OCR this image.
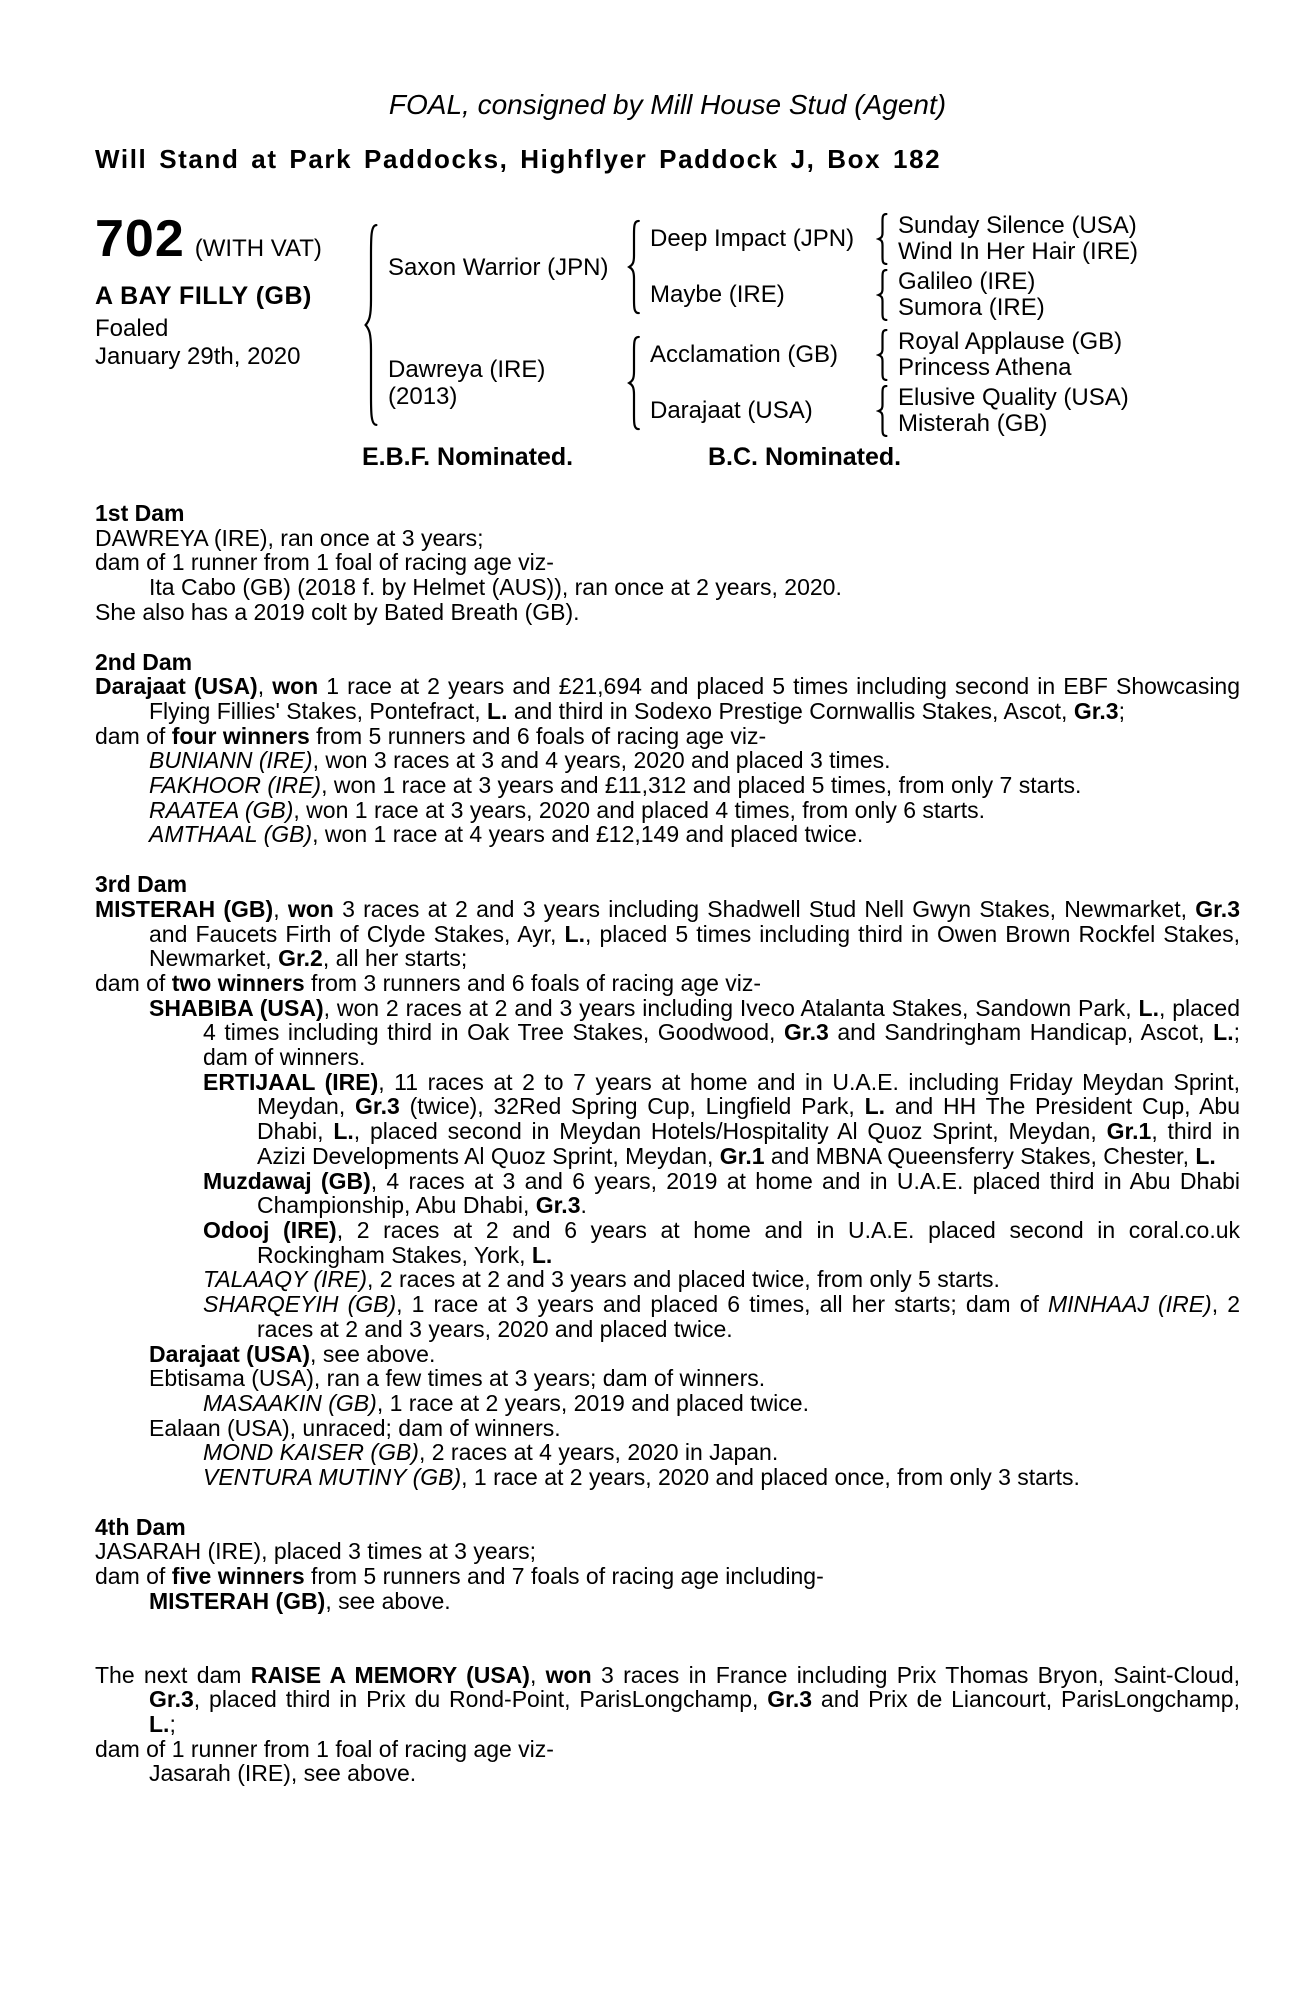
FOAL, consigned by Mill House Stud (Agent)
Will Stand at Park Paddocks, Highflyer Paddock J, Box 182
702 (WITH VAT)
A BAY FILLY (GB)
Foaled
January 29th, 2020
Saxon Warrior (JPN)
Deep Impact (JPN)	Sunday Silence (USA)
Wind In Her Hair (IRE)
Maybe (IRE)	Galileo (IRE)
Sumora (IRE)
Dawreya (IRE)
(2013)
Acclamation (GB)	Royal Applause (GB)
Princess Athena
Darajaat (USA)	Elusive Quality (USA)
Misterah (GB)
E.B.F. Nominated.	B.C. Nominated.
1st Dam
DAWREYA (IRE), ran once at 3 years;
dam of 1 runner from 1 foal of racing age viz-
Ita Cabo (GB) (2018 f. by Helmet (AUS)), ran once at 2 years, 2020.
She also has a 2019 colt by Bated Breath (GB).
2nd Dam
Darajaat (USA), won 1 race at 2 years and £21,694 and placed 5 times including second in EBF Showcasing Flying Fillies' Stakes, Pontefract, L. and third in Sodexo Prestige Cornwallis Stakes, Ascot, Gr.3;
dam of four winners from 5 runners and 6 foals of racing age viz-
BUNIANN (IRE), won 3 races at 3 and 4 years, 2020 and placed 3 times.
FAKHOOR (IRE), won 1 race at 3 years and £11,312 and placed 5 times, from only 7 starts.
RAATEA (GB), won 1 race at 3 years, 2020 and placed 4 times, from only 6 starts.
AMTHAAL (GB), won 1 race at 4 years and £12,149 and placed twice.
3rd Dam
MISTERAH (GB), won 3 races at 2 and 3 years including Shadwell Stud Nell Gwyn Stakes, Newmarket, Gr.3 and Faucets Firth of Clyde Stakes, Ayr, L., placed 5 times including third in Owen Brown Rockfel Stakes, Newmarket, Gr.2, all her starts;
dam of two winners from 3 runners and 6 foals of racing age viz-
SHABIBA (USA), won 2 races at 2 and 3 years including Iveco Atalanta Stakes, Sandown Park, L., placed 4 times including third in Oak Tree Stakes, Goodwood, Gr.3 and Sandringham Handicap, Ascot, L.; dam of winners.
ERTIJAAL (IRE), 11 races at 2 to 7 years at home and in U.A.E. including Friday Meydan Sprint, Meydan, Gr.3 (twice), 32Red Spring Cup, Lingfield Park, L. and HH The President Cup, Abu Dhabi, L., placed second in Meydan Hotels/Hospitality Al Quoz Sprint, Meydan, Gr.1, third in Azizi Developments Al Quoz Sprint, Meydan, Gr.1 and MBNA Queensferry Stakes, Chester, L.
Muzdawaj (GB), 4 races at 3 and 6 years, 2019 at home and in U.A.E. placed third in Abu Dhabi Championship, Abu Dhabi, Gr.3.
Odooj (IRE), 2 races at 2 and 6 years at home and in U.A.E. placed second in coral.co.uk Rockingham Stakes, York, L.
TALAAQY (IRE), 2 races at 2 and 3 years and placed twice, from only 5 starts.
SHARQEYIH (GB), 1 race at 3 years and placed 6 times, all her starts; dam of MINHAAJ (IRE), 2 races at 2 and 3 years, 2020 and placed twice.
Darajaat (USA), see above.
Ebtisama (USA), ran a few times at 3 years; dam of winners.
MASAAKIN (GB), 1 race at 2 years, 2019 and placed twice.
Ealaan (USA), unraced; dam of winners.
MOND KAISER (GB), 2 races at 4 years, 2020 in Japan.
VENTURA MUTINY (GB), 1 race at 2 years, 2020 and placed once, from only 3 starts.
4th Dam
JASARAH (IRE), placed 3 times at 3 years;
dam of five winners from 5 runners and 7 foals of racing age including-
MISTERAH (GB), see above.
The next dam RAISE A MEMORY (USA), won 3 races in France including Prix Thomas Bryon, Saint-Cloud, Gr.3, placed third in Prix du Rond-Point, ParisLongchamp, Gr.3 and Prix de Liancourt, ParisLongchamp, L.;
dam of 1 runner from 1 foal of racing age viz-
Jasarah (IRE), see above.
